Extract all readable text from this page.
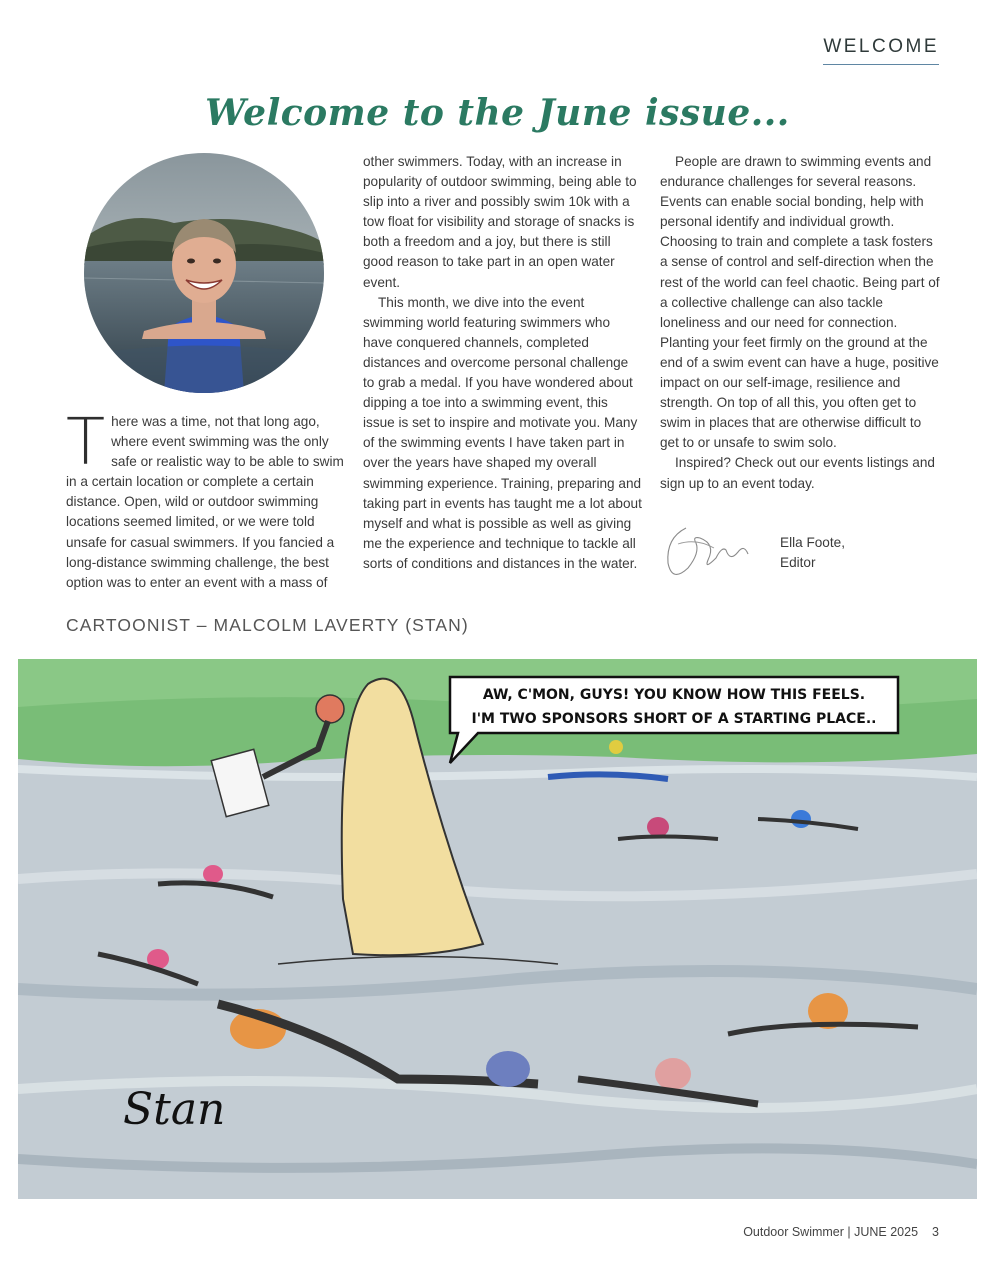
WELCOME
Welcome to the June issue...
T here was a time, not that long ago, where event swimming was the only safe or realistic way to be able to swim in a certain location or complete a certain distance. Open, wild or outdoor swimming locations seemed limited, or we were told unsafe for casual swimmers. If you fancied a long-distance swimming challenge, the best option was to enter an event with a mass of

other swimmers. Today, with an increase in popularity of outdoor swimming, being able to slip into a river and possibly swim 10k with a tow float for visibility and storage of snacks is both a freedom and a joy, but there is still good reason to take part in an open water event.

This month, we dive into the event swimming world featuring swimmers who have conquered channels, completed distances and overcome personal challenge to grab a medal. If you have wondered about dipping a toe into a swimming event, this issue is set to inspire and motivate you. Many of the swimming events I have taken part in over the years have shaped my overall swimming experience. Training, preparing and taking part in events has taught me a lot about myself and what is possible as well as giving me the experience and technique to tackle all sorts of conditions and distances in the water.

People are drawn to swimming events and endurance challenges for several reasons. Events can enable social bonding, help with personal identify and individual growth. Choosing to train and complete a task fosters a sense of control and self-direction when the rest of the world can feel chaotic. Being part of a collective challenge can also tackle loneliness and our need for connection. Planting your feet firmly on the ground at the end of a swim event can have a huge, positive impact on our self-image, resilience and strength. On top of all this, you often get to swim in places that are otherwise difficult to get to or unsafe to swim solo.

Inspired? Check out our events listings and sign up to an event today.

Ella Foote,
Editor
CARTOONIST – MALCOLM LAVERTY (STAN)
AW, C'MON, GUYS! YOU KNOW HOW THIS FEELS.
I'M TWO SPONSORS SHORT OF A STARTING PLACE..
Stan
Outdoor Swimmer | JUNE 2025 3
